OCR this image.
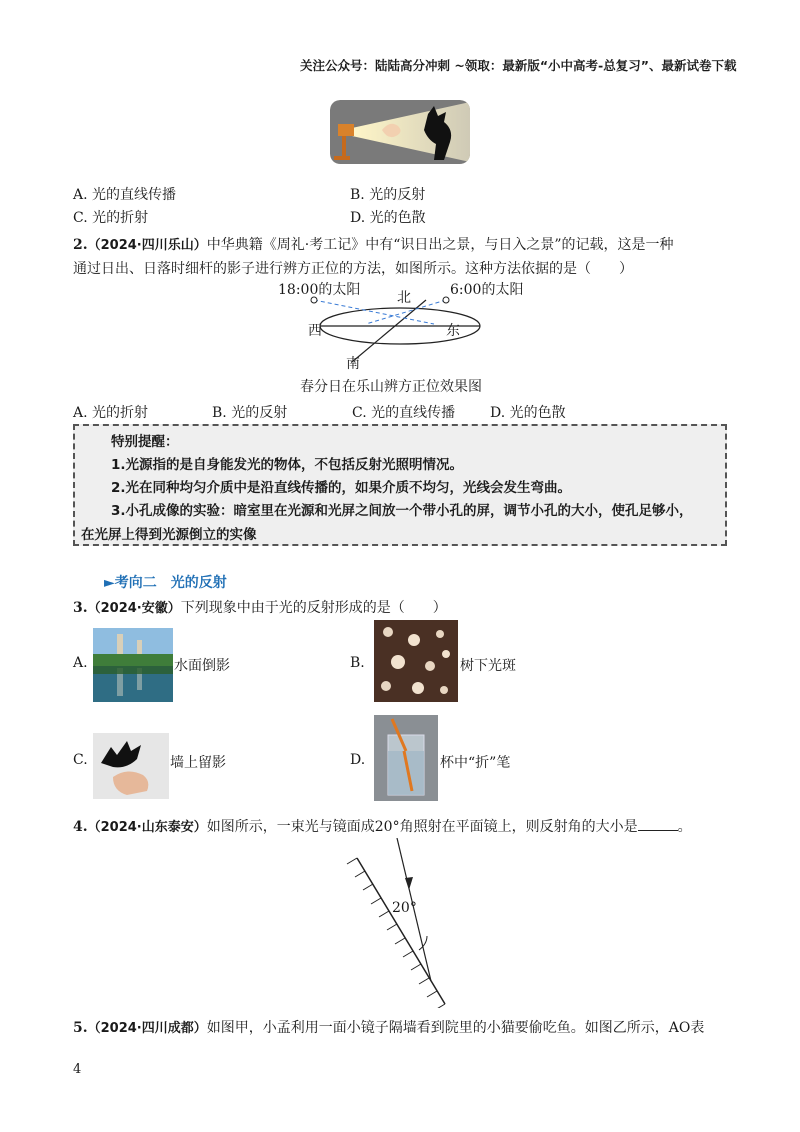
关注公众号：陆陆高分冲刺 ~领取：最新版“小中高考-总复习”、最新试卷下载
A. 光的直线传播	B. 光的反射
C. 光的折射	D. 光的色散
2.（2024·四川乐山）中华典籍《周礼·考工记》中有“识日出之景，与日入之景”的记载，这是一种
通过日出、日落时细杆的影子进行辨方正位的方法，如图所示。这种方法依据的是（　　）
18:00的太阳	6:00的太阳
北
西	东
南
春分日在乐山辨方正位效果图
A. 光的折射	B. 光的反射	C. 光的直线传播 D. 光的色散
特别提醒：
1.光源指的是自身能发光的物体，不包括反射光照明情况。
2.光在同种均匀介质中是沿直线传播的，如果介质不均匀，光线会发生弯曲。
3.小孔成像的实验：暗室里在光源和光屏之间放一个带小孔的屏，调节小孔的大小，使孔足够小，
在光屏上得到光源倒立的实像
►考向二　光的反射
3.（2024·安徽）下列现象中由于光的反射形成的是（　　）
A.	水面倒影	B.	树下光斑
C.	墙上留影	D.	杯中“折”笔
4.（2024·山东泰安）如图所示，一束光与镜面成20°角照射在平面镜上，则反射角的大小是	。
20°
5.（2024·四川成都）如图甲，小孟利用一面小镜子隔墙看到院里的小猫要偷吃鱼。如图乙所示，AO表
4
